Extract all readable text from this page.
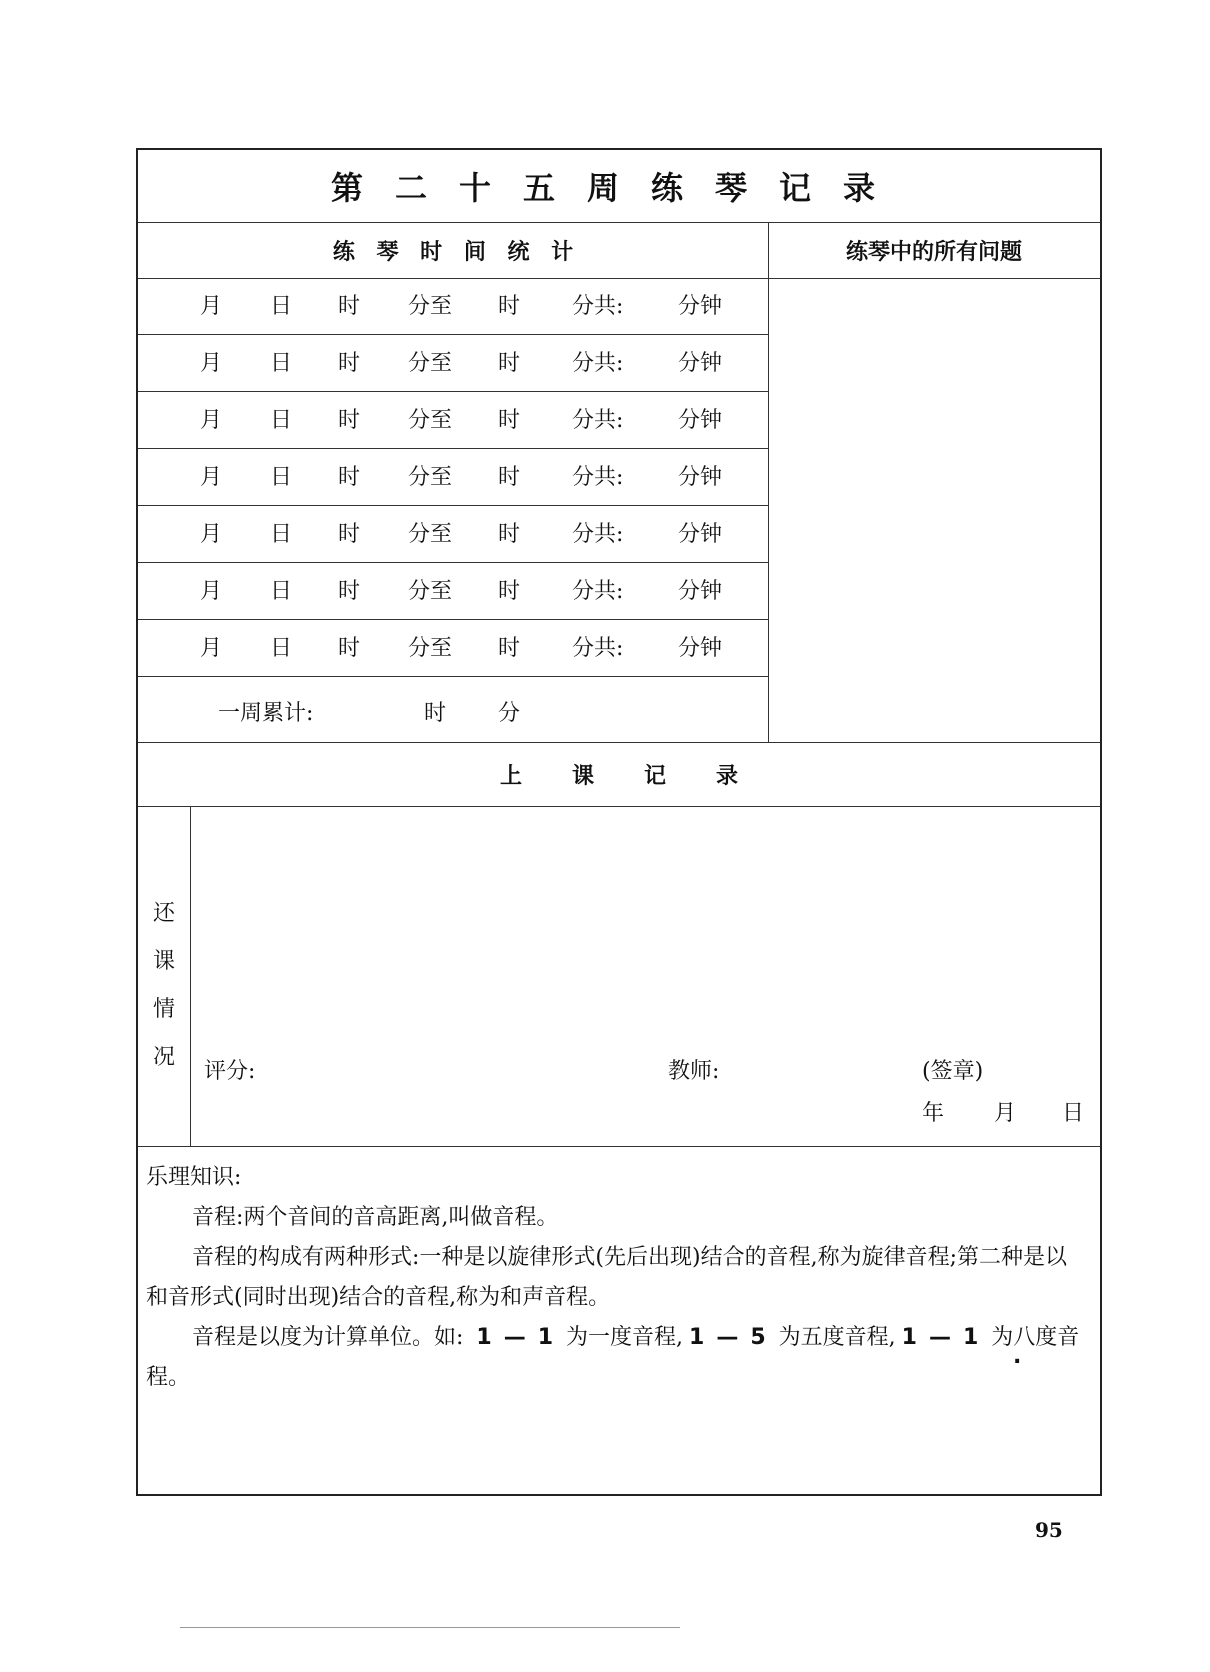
第二十五周练琴记录
练 琴 时 间 统 计	练琴中的所有问题
月 日 时 分至 时 分共: 分钟
月 日 时 分至 时 分共: 分钟
月 日 时 分至 时 分共: 分钟
月 日 时 分至 时 分共: 分钟
月 日 时 分至 时 分共: 分钟
月 日 时 分至 时 分共: 分钟
月 日 时 分至 时 分共: 分钟
一周累计:	时 分
上课记录
还
课
情
况
评分:	教师:	(签章)
年 月 日

乐理知识:

音程:两个音间的音高距离,叫做音程。

音程的构成有两种形式:一种是以旋律形式(先后出现)结合的音程,称为旋律音程;第二种是以和音形式(同时出现)结合的音程,称为和声音程。

音程是以度为计算单位。如: 1 — 1 为一度音程, 1 — 5 为五度音程, 1 — 1 . 为八度音程。

95
